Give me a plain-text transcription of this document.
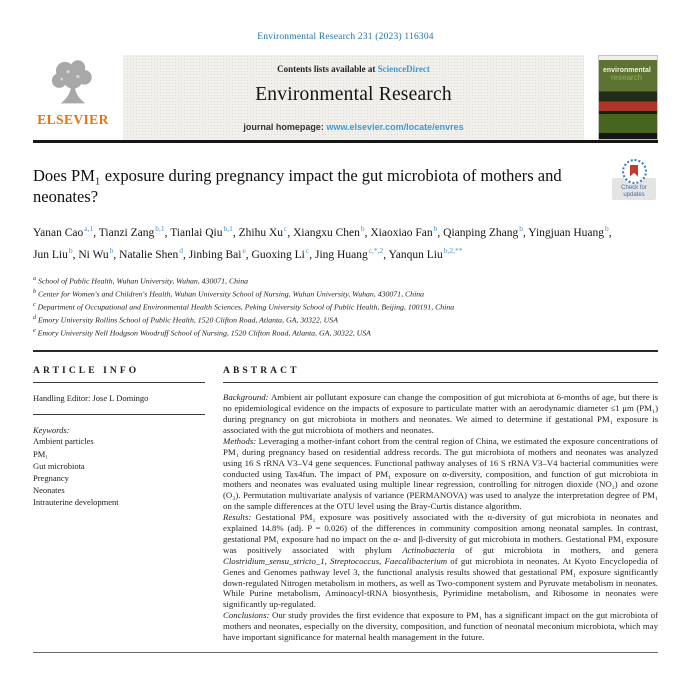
Environmental Research 231 (2023) 116304
ELSEVIER
Contents lists available at ScienceDirect
Environmental Research
journal homepage: www.elsevier.com/locate/envres
environmental
research
Does PM₁ exposure during pregnancy impact the gut microbiota of mothers and neonates?	Check for updates
Yanan Cao$^{a,1}$, Tianzi Zang$^{b,1}$, Tianlai Qiu$^{b,1}$, Zhihu Xu$^c$, Xiangxu Chen$^b$, Xiaoxiao Fan$^b$, Qianping Zhang$^b$, Yingjuan Huang$^b$, Jun Liu$^b$, Ni Wu$^b$, Natalie Shen$^d$, Jinbing Bai$^e$, Guoxing Li$^c$, Jing Huang$^{c,*,2}$, Yanqun Liu$^{b,2,**}$
$^a$ School of Public Health, Wuhan University, Wuhan, 430071, China
$^b$ Center for Women's and Children's Health, Wuhan University School of Nursing, Wuhan University, Wuhan, 430071, China
$^c$ Department of Occupational and Environmental Health Sciences, Peking University School of Public Health, Beijing, 100191, China
$^d$ Emory University Rollins School of Public Health, 1520 Clifton Road, Atlanta, GA, 30322, USA
$^e$ Emory University Nell Hodgson Woodruff School of Nursing, 1520 Clifton Road, Atlanta, GA, 30322, USA
ARTICLE INFO
Handling Editor: Jose L Domingo
Keywords:
Ambient particles
PM₁
Gut microbiota
Pregnancy
Neonates
Intrauterine development
ABSTRACT
Background: Ambient air pollutant exposure can change the composition of gut microbiota at 6-months of age, but there is no epidemiological evidence on the impacts of exposure to particulate matter with an aerodynamic diameter ≤1 μm (PM₁) during pregnancy on gut microbiota in mothers and neonates. We aimed to determine if gestational PM₁ exposure is associated with the gut microbiota of mothers and neonates.
Methods: Leveraging a mother-infant cohort from the central region of China, we estimated the exposure concentrations of PM₁ during pregnancy based on residential address records. The gut microbiota of mothers and neonates was analyzed using 16 S rRNA V3–V4 gene sequences. Functional pathway analyses of 16 S rRNA V3–V4 bacterial communities were conducted using Tax4fun. The impact of PM₁ exposure on α-diversity, composition, and function of gut microbiota in mothers and neonates was evaluated using multiple linear regression, controlling for nitrogen dioxide (NO₂) and ozone (O₃). Permutation multivariate analysis of variance (PERMANOVA) was used to analyze the interpretation degree of PM₁ on the sample differences at the OTU level using the Bray-Curtis distance algorithm.
Results: Gestational PM₁ exposure was positively associated with the α-diversity of gut microbiota in neonates and explained 14.8% (adj. P = 0.026) of the differences in community composition among neonatal samples. In contrast, gestational PM₁ exposure had no impact on the α- and β-diversity of gut microbiota in mothers. Gestational PM₁ exposure was positively associated with phylum Actinobacteria of gut microbiota in mothers, and genera Clostridium_sensu_stricto_1, Streptococcus, Faecalibacterium of gut microbiota in neonates. At Kyoto Encyclopedia of Genes and Genomes pathway level 3, the functional analysis results showed that gestational PM₁ exposure significantly down-regulated Nitrogen metabolism in mothers, as well as Two-component system and Pyruvate metabolism in neonates. While Purine metabolism, Aminoacyl-tRNA biosynthesis, Pyrimidine metabolism, and Ribosome in neonates were significantly up-regulated.
Conclusions: Our study provides the first evidence that exposure to PM₁ has a significant impact on the gut microbiota of mothers and neonates, especially on the diversity, composition, and function of neonatal meconium microbiota, which may have important significance for maternal health management in the future.
